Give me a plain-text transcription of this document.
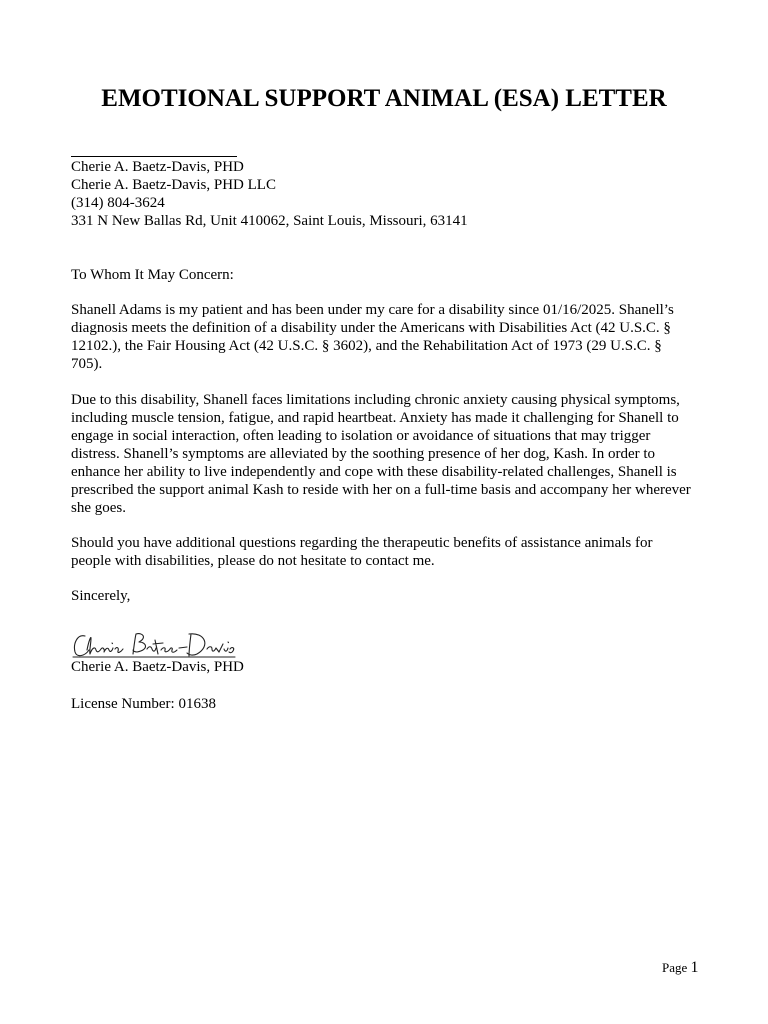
EMOTIONAL SUPPORT ANIMAL (ESA) LETTER

Cherie A. Baetz-Davis, PHD

Cherie A. Baetz-Davis, PHD LLC

(314) 804-3624

331 N New Ballas Rd, Unit 410062, Saint Louis, Missouri, 63141

To Whom It May Concern:
Shanell Adams is my patient and has been under my care for a disability since 01/16/2025. Shanell’s diagnosis meets the definition of a disability under the Americans with Disabilities Act (42 U.S.C. § 12102.), the Fair Housing Act (42 U.S.C. § 3602), and the Rehabilitation Act of 1973 (29 U.S.C. § 705).
Due to this disability, Shanell faces limitations including chronic anxiety causing physical symptoms, including muscle tension, fatigue, and rapid heartbeat. Anxiety has made it challenging for Shanell to engage in social interaction, often leading to isolation or avoidance of situations that may trigger distress. Shanell’s symptoms are alleviated by the soothing presence of her dog, Kash. In order to enhance her ability to live independently and cope with these disability-related challenges, Shanell is prescribed the support animal Kash to reside with her on a full-time basis and accompany her wherever she goes.
Should you have additional questions regarding the therapeutic benefits of assistance animals for people with disabilities, please do not hesitate to contact me.
Sincerely,
Cherie A. Baetz-Davis, PHD
License Number: 01638
Page 1
